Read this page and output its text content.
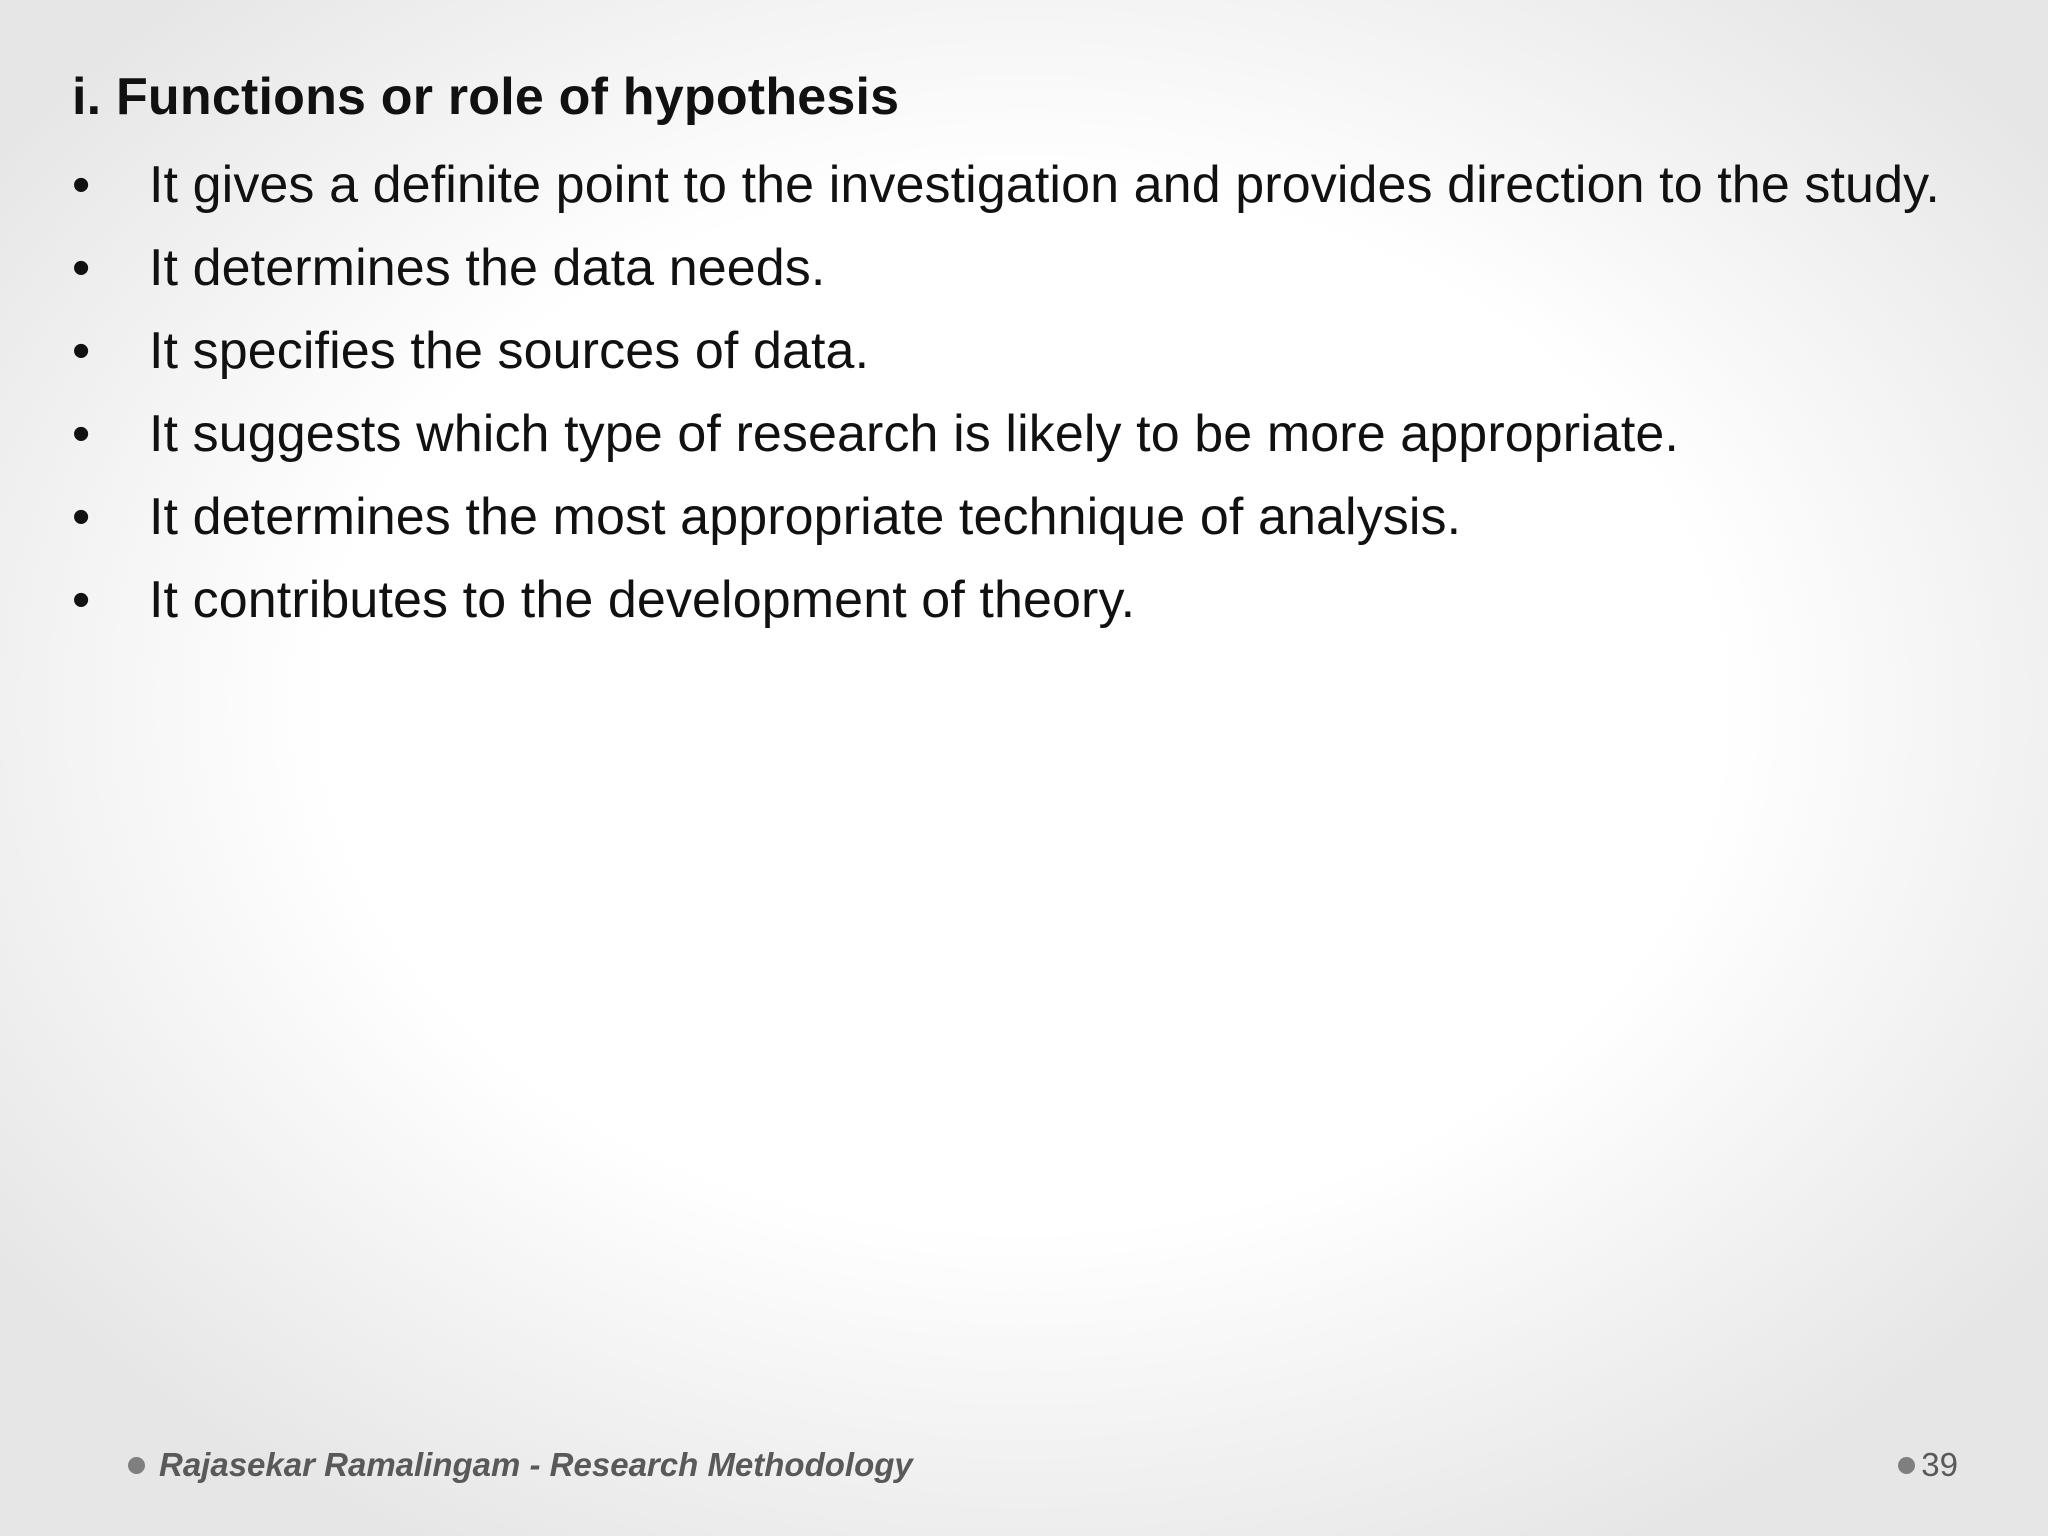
i. Functions or role of hypothesis
•	It gives a definite point to the investigation and provides direction to the study.
•	It determines the data needs.
•	It specifies the sources of data.
•	It suggests which type of research is likely to be more appropriate.
•	It determines the most appropriate technique of analysis.
•	It contributes to the development of theory.
Rajasekar Ramalingam - Research Methodology	39
